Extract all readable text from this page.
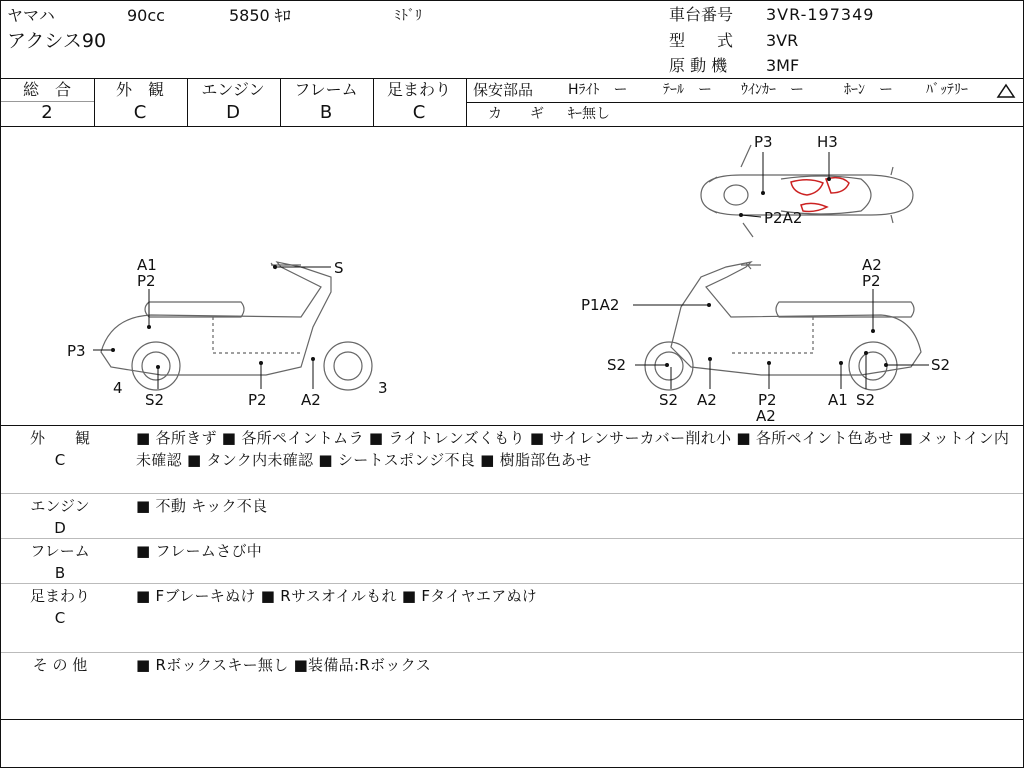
ヤマハ	90cc	5850 ｷﾛ	ﾐﾄﾞﾘ
アクシス90
車台番号 3VR-197349
型　　式 3VR
原 動 機 3MF
総　合
2
外　観
C
エンジン
D
フレーム
B
足まわり
C
保安部品 Hﾗｲﾄ　ー	ﾃｰﾙ　ー ｳｲﾝｶｰ　ー	ﾎｰﾝ　ー ﾊﾞｯﾃﾘｰ
カ　　ギ ｷｰ無し
P3	H3
P2A2
A1
P2
S
P3
4
S2	P2 A2
3
A2
P2
P1A2
S2	S2
S2 A2	P2
A2
A1 S2
外　　観
C
■ 各所きず ■ 各所ペイントムラ ■ ライトレンズくもり ■ サイレンサーカバー削れ小 ■ 各所ペイント色あせ ■ メットイン内未確認 ■ タンク内未確認 ■ シートスポンジ不良 ■ 樹脂部色あせ
エンジン
D
■ 不動 キック不良
フレーム
B
■ フレームさび中
足まわり
C
■ Fブレーキぬけ ■ Rサスオイルもれ ■ Fタイヤエアぬけ
そ の 他	■ Rボックスキー無し ■装備品:Rボックス
